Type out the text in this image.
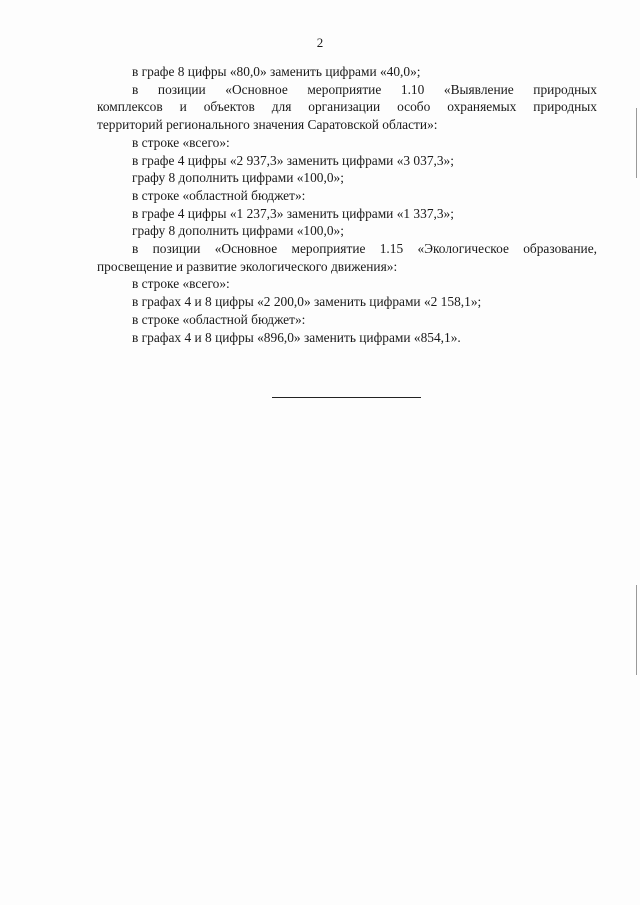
2
в графе 8 цифры «80,0» заменить цифрами «40,0»;
в позиции «Основное мероприятие 1.10 «Выявление природных
комплексов и объектов для организации особо охраняемых природных
территорий регионального значения Саратовской области»:
в строке «всего»:
в графе 4 цифры «2 937,3» заменить цифрами «3 037,3»;
графу 8 дополнить цифрами «100,0»;
в строке «областной бюджет»:
в графе 4 цифры «1 237,3» заменить цифрами «1 337,3»;
графу 8 дополнить цифрами «100,0»;
в позиции «Основное мероприятие 1.15 «Экологическое образование,
просвещение и развитие экологического движения»:
в строке «всего»:
в графах 4 и 8 цифры «2 200,0» заменить цифрами «2 158,1»;
в строке «областной бюджет»:
в графах 4 и 8 цифры «896,0» заменить цифрами «854,1».
